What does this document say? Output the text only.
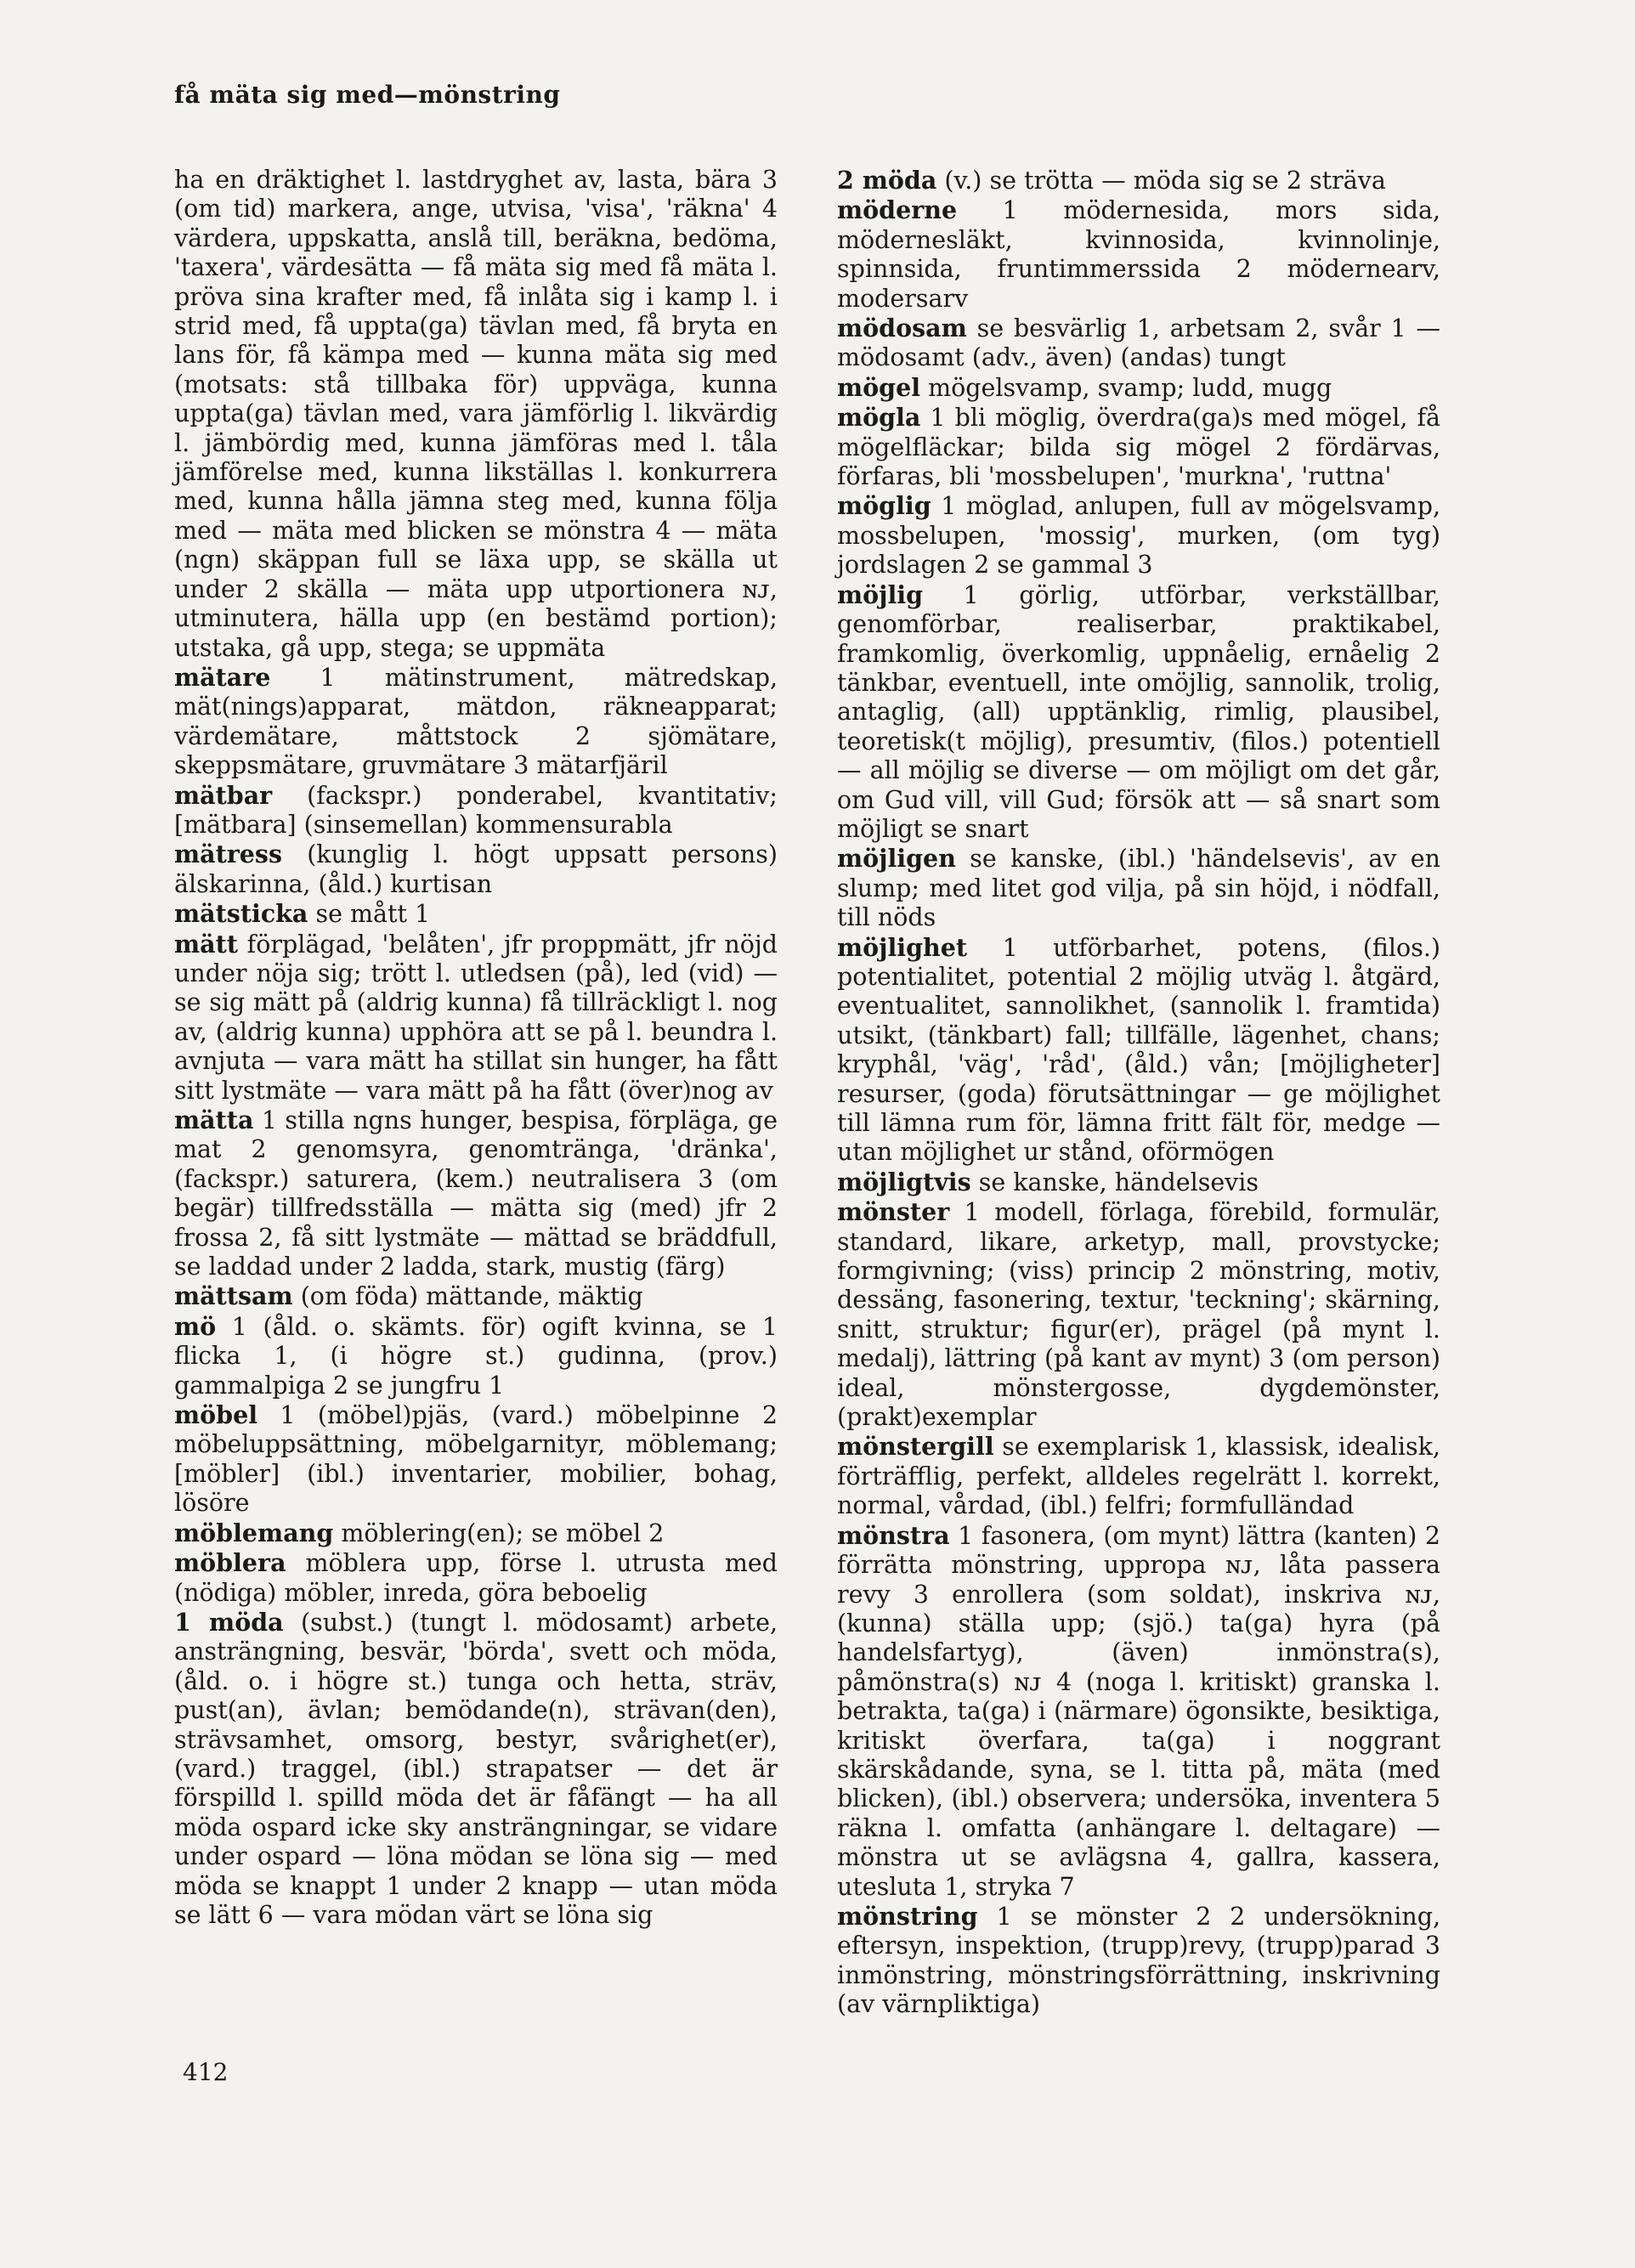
få mäta sig med—mönstring

ha en dräktighet l. lastdryghet av, lasta, bära 3 (om tid) markera, ange, utvisa, 'visa', 'räkna' 4 värdera, uppskatta, anslå till, beräkna, bedöma, 'taxera', värdesätta — få mäta sig med få mäta l. pröva sina krafter med, få inlåta sig i kamp l. i strid med, få uppta(ga) tävlan med, få bryta en lans för, få kämpa med — kunna mäta sig med (motsats: stå tillbaka för) uppväga, kunna uppta(ga) tävlan med, vara jämförlig l. likvärdig l. jämbördig med, kunna jämföras med l. tåla jämförelse med, kunna likställas l. konkurrera med, kunna hålla jämna steg med, kunna följa med — mäta med blicken se mönstra 4 — mäta (ngn) skäppan full se läxa upp, se skälla ut under 2 skälla — mäta upp utportionera ɴᴊ, utminutera, hälla upp (en bestämd portion); utstaka, gå upp, stega; se uppmäta

mätare 1 mätinstrument, mätredskap, mät(nings)apparat, mätdon, räkneapparat; värdemätare, måttstock 2 sjömätare, skeppsmätare, gruvmätare 3 mätarfjäril

mätbar (fackspr.) ponderabel, kvantitativ; [mätbara] (sinsemellan) kommensurabla

mätress (kunglig l. högt uppsatt persons) älskarinna, (åld.) kurtisan

mätsticka se mått 1

mätt förplägad, 'belåten', jfr proppmätt, jfr nöjd under nöja sig; trött l. utledsen (på), led (vid) — se sig mätt på (aldrig kunna) få tillräckligt l. nog av, (aldrig kunna) upphöra att se på l. beundra l. avnjuta — vara mätt ha stillat sin hunger, ha fått sitt lystmäte — vara mätt på ha fått (över)nog av

mätta 1 stilla ngns hunger, bespisa, förpläga, ge mat 2 genomsyra, genomtränga, 'dränka', (fackspr.) saturera, (kem.) neutralisera 3 (om begär) tillfredsställa — mätta sig (med) jfr 2 frossa 2, få sitt lystmäte — mättad se bräddfull, se laddad under 2 ladda, stark, mustig (färg)

mättsam (om föda) mättande, mäktig

mö 1 (åld. o. skämts. för) ogift kvinna, se 1 flicka 1, (i högre st.) gudinna, (prov.) gammalpiga 2 se jungfru 1

möbel 1 (möbel)pjäs, (vard.) möbelpinne 2 möbeluppsättning, möbelgarnityr, möblemang; [möbler] (ibl.) inventarier, mobilier, bohag, lösöre

möblemang möblering(en); se möbel 2

möblera möblera upp, förse l. utrusta med (nödiga) möbler, inreda, göra beboelig

1 möda (subst.) (tungt l. mödosamt) arbete, ansträngning, besvär, 'börda', svett och möda, (åld. o. i högre st.) tunga och hetta, sträv, pust(an), ävlan; bemödande(n), strävan(den), strävsamhet, omsorg, bestyr, svårighet(er), (vard.) traggel, (ibl.) strapatser — det är förspilld l. spilld möda det är fåfängt — ha all möda ospard icke sky ansträngningar, se vidare under ospard — löna mödan se löna sig — med möda se knappt 1 under 2 knapp — utan möda se lätt 6 — vara mödan värt se löna sig

2 möda (v.) se trötta — möda sig se 2 sträva

möderne 1 mödernesida, mors sida, mödernesläkt, kvinnosida, kvinnolinje, spinnsida, fruntimmerssida 2 mödernearv, modersarv

mödosam se besvärlig 1, arbetsam 2, svår 1 — mödosamt (adv., även) (andas) tungt

mögel mögelsvamp, svamp; ludd, mugg

mögla 1 bli möglig, överdra(ga)s med mögel, få mögelfläckar; bilda sig mögel 2 fördärvas, förfaras, bli 'mossbelupen', 'murkna', 'ruttna'

möglig 1 möglad, anlupen, full av mögelsvamp, mossbelupen, 'mossig', murken, (om tyg) jordslagen 2 se gammal 3

möjlig 1 görlig, utförbar, verkställbar, genomförbar, realiserbar, praktikabel, framkomlig, överkomlig, uppnåelig, ernåelig 2 tänkbar, eventuell, inte omöjlig, sannolik, trolig, antaglig, (all) upptänklig, rimlig, plausibel, teoretisk(t möjlig), presumtiv, (filos.) potentiell — all möjlig se diverse — om möjligt om det går, om Gud vill, vill Gud; försök att — så snart som möjligt se snart

möjligen se kanske, (ibl.) 'händelsevis', av en slump; med litet god vilja, på sin höjd, i nödfall, till nöds

möjlighet 1 utförbarhet, potens, (filos.) potentialitet, potential 2 möjlig utväg l. åtgärd, eventualitet, sannolikhet, (sannolik l. framtida) utsikt, (tänkbart) fall; tillfälle, lägenhet, chans; kryphål, 'väg', 'råd', (åld.) vån; [möjligheter] resurser, (goda) förutsättningar — ge möjlighet till lämna rum för, lämna fritt fält för, medge — utan möjlighet ur stånd, oförmögen

möjligtvis se kanske, händelsevis

mönster 1 modell, förlaga, förebild, formulär, standard, likare, arketyp, mall, provstycke; formgivning; (viss) princip 2 mönstring, motiv, dessäng, fasonering, textur, 'teckning'; skärning, snitt, struktur; figur(er), prägel (på mynt l. medalj), lättring (på kant av mynt) 3 (om person) ideal, mönstergosse, dygdemönster, (prakt)exemplar

mönstergill se exemplarisk 1, klassisk, idealisk, förträfflig, perfekt, alldeles regelrätt l. korrekt, normal, vårdad, (ibl.) felfri; formfulländad

mönstra 1 fasonera, (om mynt) lättra (kanten) 2 förrätta mönstring, uppropa ɴᴊ, låta passera revy 3 enrollera (som soldat), inskriva ɴᴊ, (kunna) ställa upp; (sjö.) ta(ga) hyra (på handelsfartyg), (även) inmönstra(s), påmönstra(s) ɴᴊ 4 (noga l. kritiskt) granska l. betrakta, ta(ga) i (närmare) ögonsikte, besiktiga, kritiskt överfara, ta(ga) i noggrant skärskådande, syna, se l. titta på, mäta (med blicken), (ibl.) observera; undersöka, inventera 5 räkna l. omfatta (anhängare l. deltagare) — mönstra ut se avlägsna 4, gallra, kassera, utesluta 1, stryka 7

mönstring 1 se mönster 2 2 undersökning, eftersyn, inspektion, (trupp)revy, (trupp)parad 3 inmönstring, mönstringsförrättning, inskrivning (av värnpliktiga)

412
